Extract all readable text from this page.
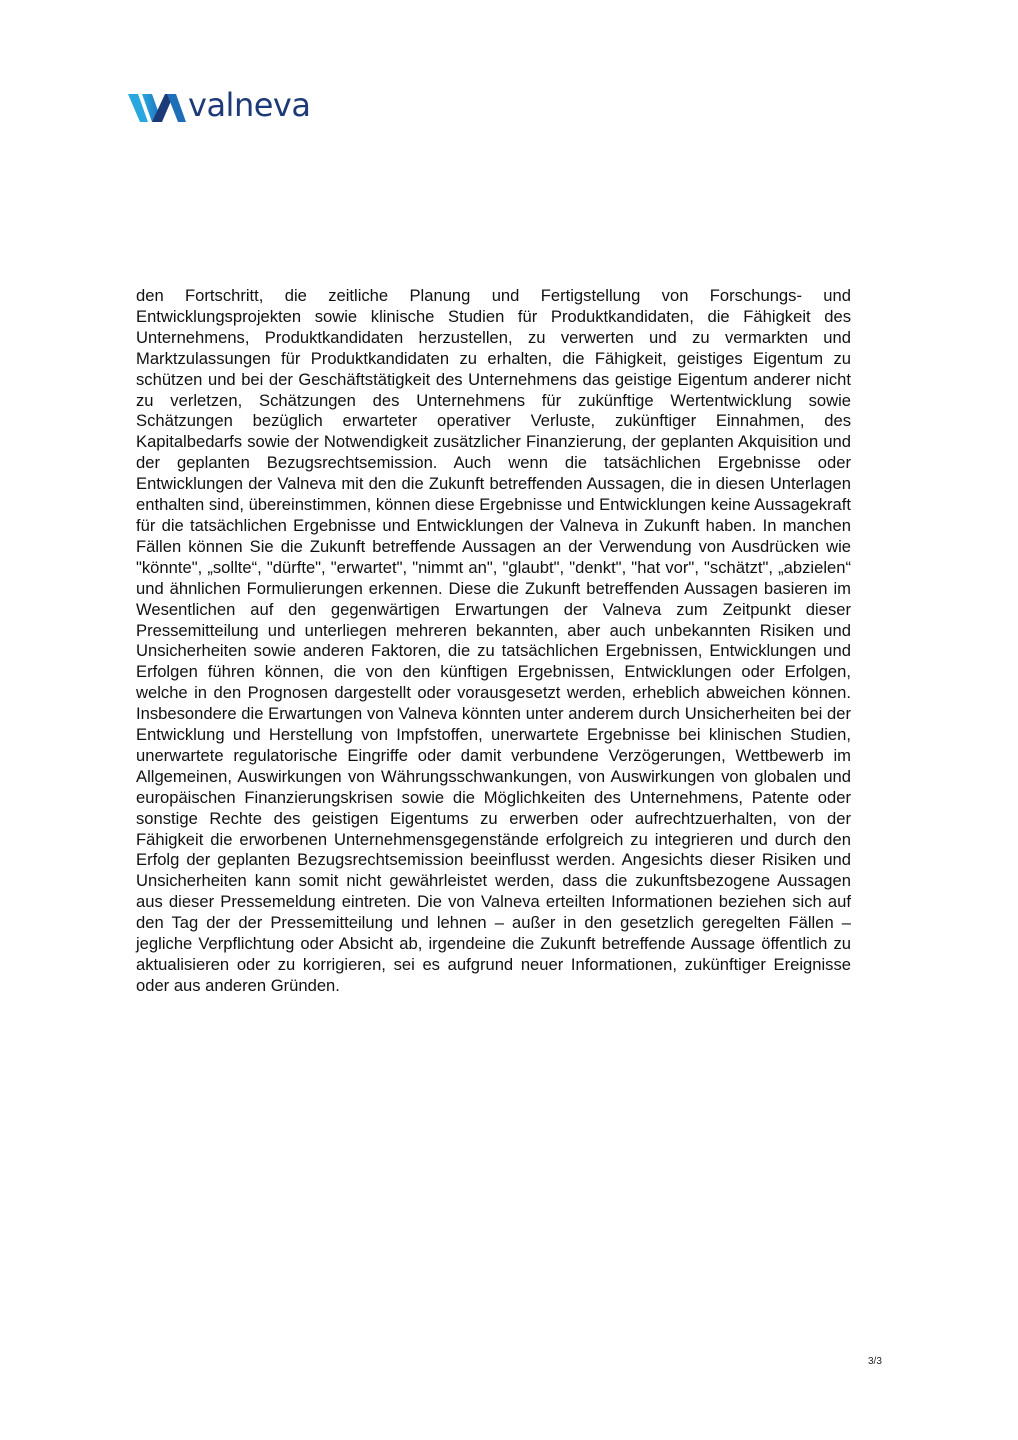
valneva

den Fortschritt, die zeitliche Planung und Fertigstellung von Forschungs- und Entwicklungsprojekten sowie klinische Studien für Produktkandidaten, die Fähigkeit des Unternehmens, Produktkandidaten herzustellen, zu verwerten und zu vermarkten und Marktzulassungen für Produktkandidaten zu erhalten, die Fähigkeit, geistiges Eigentum zu schützen und bei der Geschäftstätigkeit des Unternehmens das geistige Eigentum anderer nicht zu verletzen, Schätzungen des Unternehmens für zukünftige Wertentwicklung sowie Schätzungen bezüglich erwarteter operativer Verluste, zukünftiger Einnahmen, des Kapitalbedarfs sowie der Notwendigkeit zusätzlicher Finanzierung, der geplanten Akquisition und der geplanten Bezugsrechtsemission. Auch wenn die tatsächlichen Ergebnisse oder Entwicklungen der Valneva mit den die Zukunft betreffenden Aussagen, die in diesen Unterlagen enthalten sind, übereinstimmen, können diese Ergebnisse und Entwicklungen keine Aussagekraft für die tatsächlichen Ergebnisse und Entwicklungen der Valneva in Zukunft haben. In manchen Fällen können Sie die Zukunft betreffende Aussagen an der Verwendung von Ausdrücken wie "könnte", „sollte“, "dürfte", "erwartet", "nimmt an", "glaubt", "denkt", "hat vor", "schätzt", „abzielen“ und ähnlichen Formulierungen erkennen. Diese die Zukunft betreffenden Aussagen basieren im Wesentlichen auf den gegenwärtigen Erwartungen der Valneva zum Zeitpunkt dieser Pressemitteilung und unterliegen mehreren bekannten, aber auch unbekannten Risiken und Unsicherheiten sowie anderen Faktoren, die zu tatsächlichen Ergebnissen, Entwicklungen und Erfolgen führen können, die von den künftigen Ergebnissen, Entwicklungen oder Erfolgen, welche in den Prognosen dargestellt oder vorausgesetzt werden, erheblich abweichen können. Insbesondere die Erwartungen von Valneva könnten unter anderem durch Unsicherheiten bei der Entwicklung und Herstellung von Impfstoffen, unerwartete Ergebnisse bei klinischen Studien, unerwartete regulatorische Eingriffe oder damit verbundene Verzögerungen, Wettbewerb im Allgemeinen, Auswirkungen von Währungsschwankungen, von Auswirkungen von globalen und europäischen Finanzierungskrisen sowie die Möglichkeiten des Unternehmens, Patente oder sonstige Rechte des geistigen Eigentums zu erwerben oder aufrechtzuerhalten, von der Fähigkeit die erworbenen Unternehmensgegenstände erfolgreich zu integrieren und durch den Erfolg der geplanten Bezugsrechtsemission beeinflusst werden. Angesichts dieser Risiken und Unsicherheiten kann somit nicht gewährleistet werden, dass die zukunftsbezogene Aussagen aus dieser Pressemeldung eintreten. Die von Valneva erteilten Informationen beziehen sich auf den Tag der der Pressemitteilung und lehnen – außer in den gesetzlich geregelten Fällen – jegliche Verpflichtung oder Absicht ab, irgendeine die Zukunft betreffende Aussage öffentlich zu aktualisieren oder zu korrigieren, sei es aufgrund neuer Informationen, zukünftiger Ereignisse oder aus anderen Gründen.

3/3
